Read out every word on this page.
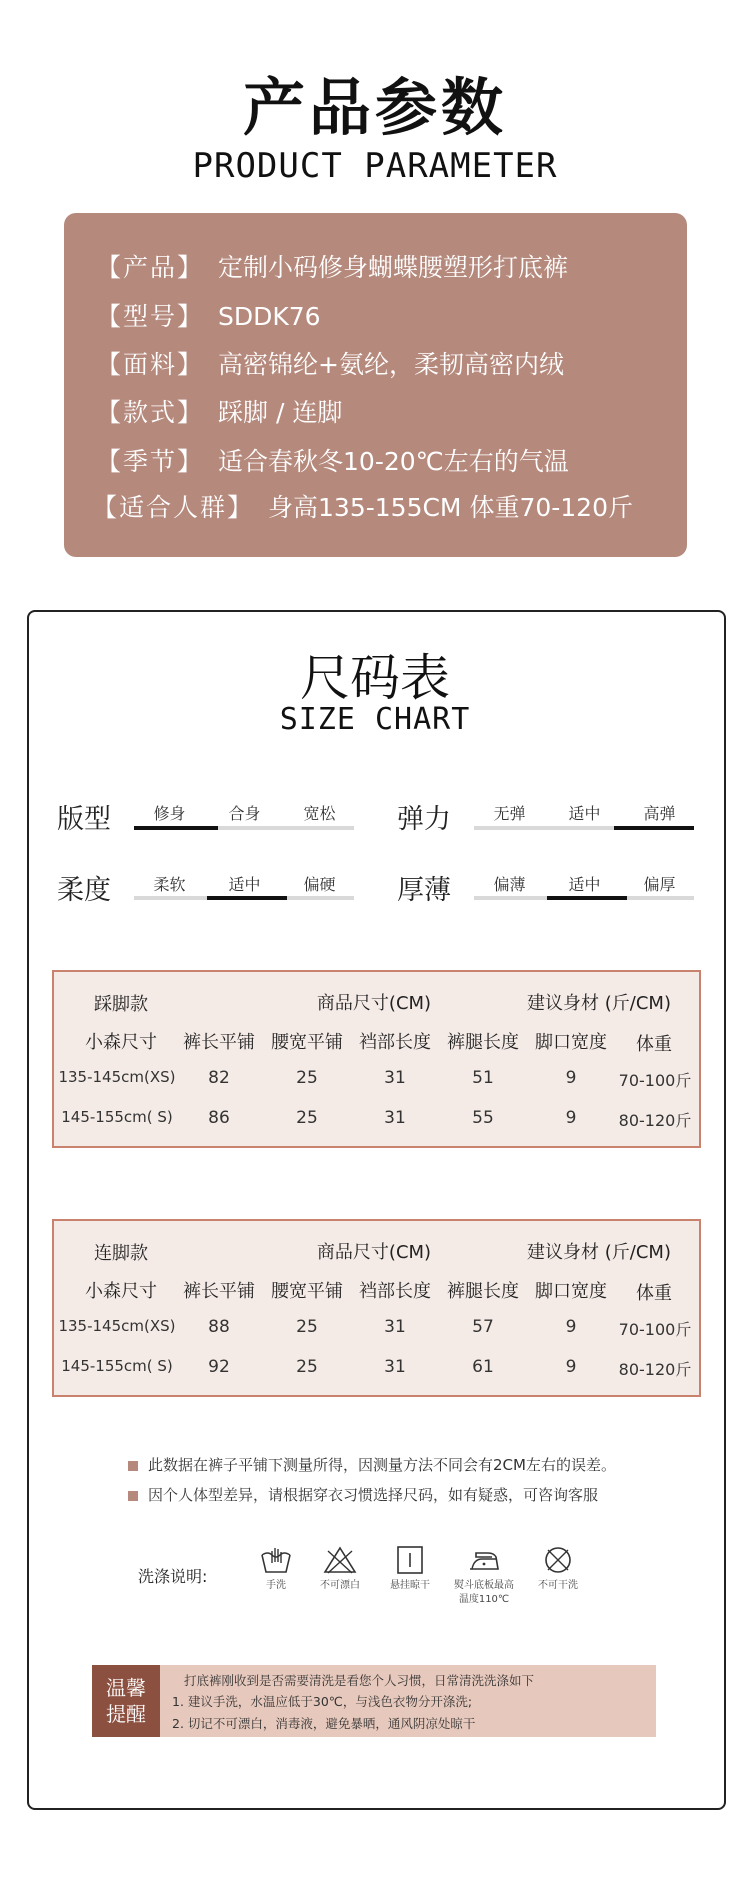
产品参数
PRODUCT PARAMETER
【产品】 定制小码修身蝴蝶腰塑形打底裤
【型号】 SDDK76
【面料】 高密锦纶+氨纶，柔韧高密内绒
【款式】 踩脚 / 连脚
【季节】 适合春秋冬10-20℃左右的气温
【适合人群】 身高135-155CM 体重70-120斤
尺码表
SIZE CHART
版型	修身	合身	宽松	弹力	无弹	适中	高弹
柔度	柔软	适中	偏硬	厚薄	偏薄	适中	偏厚
踩脚款	商品尺寸(CM)	建议身材 (斤/CM)
小森尺寸	裤长平铺 腰宽平铺 裆部长度 裤腿长度 脚口宽度	体重
135-145cm(XS)	82	25	31	51	9	70-100斤
145-155cm( S)	86	25	31	55	9	80-120斤
连脚款	商品尺寸(CM)	建议身材 (斤/CM)
小森尺寸	裤长平铺 腰宽平铺 裆部长度 裤腿长度 脚口宽度	体重
135-145cm(XS)	88	25	31	57	9	70-100斤
145-155cm( S)	92	25	31	61	9	80-120斤
此数据在裤子平铺下测量所得，因测量方法不同会有2CM左右的误差。
因个人体型差异，请根据穿衣习惯选择尺码，如有疑惑，可咨询客服
洗涤说明:	手洗	不可漂白	悬挂晾干	熨斗底板最高
温度110℃
不可干洗
温馨
提醒
打底裤刚收到是否需要清洗是看您个人习惯，日常清洗洗涤如下
1. 建议手洗，水温应低于30℃，与浅色衣物分开涤洗;
2. 切记不可漂白，消毒液，避免暴晒，通风阴凉处晾干
